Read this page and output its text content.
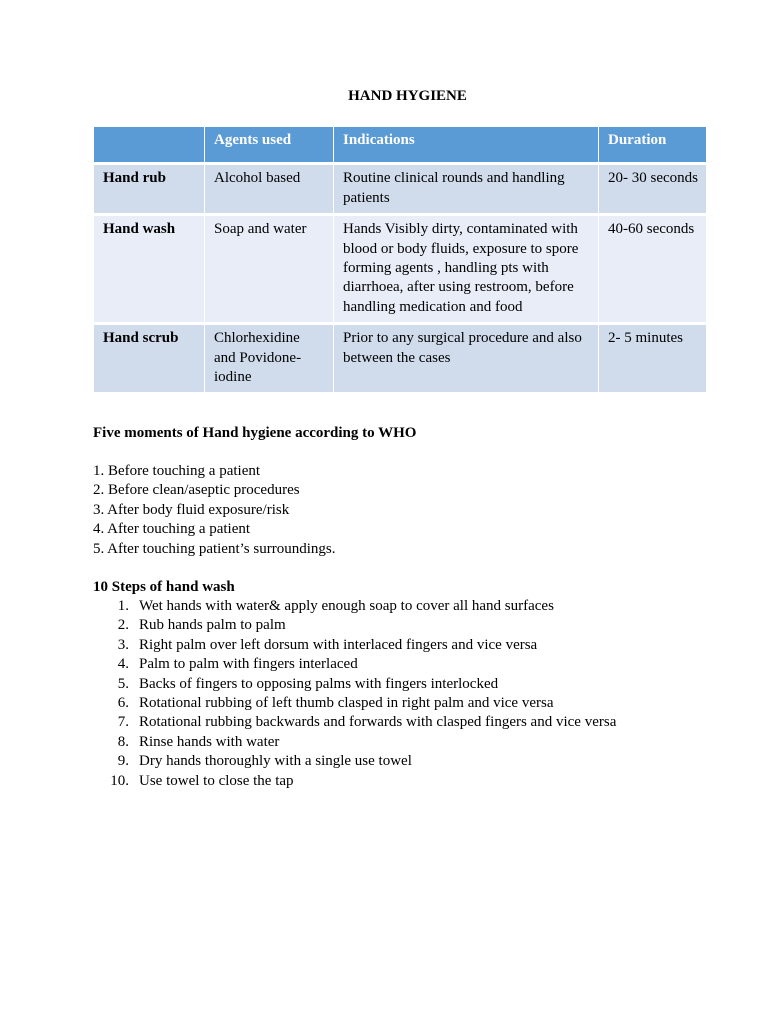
HAND HYGIENE
	Agents used	Indications	Duration
Hand rub	Alcohol based	Routine clinical rounds and handling patients	20- 30 seconds
Hand wash	Soap and water	Hands Visibly dirty, contaminated with blood or body fluids, exposure to spore forming agents , handling pts with diarrhoea, after using restroom, before handling medication and food	40-60 seconds
Hand scrub	Chlorhexidine and Povidone-iodine	Prior to any surgical procedure and also between the cases	2- 5 minutes
Five moments of Hand hygiene according to WHO
1. Before touching a patient
2. Before clean/aseptic procedures
3. After body fluid exposure/risk
4. After touching a patient
5. After touching patient’s surroundings.
10 Steps of hand wash
1. Wet hands with water& apply enough soap to cover all hand surfaces
2. Rub hands palm to palm
3. Right palm over left dorsum with interlaced fingers and vice versa
4. Palm to palm with fingers interlaced
5. Backs of fingers to opposing palms with fingers interlocked
6. Rotational rubbing of left thumb clasped in right palm and vice versa
7. Rotational rubbing backwards and forwards with clasped fingers and vice versa
8. Rinse hands with water
9. Dry hands thoroughly with a single use towel
10. Use towel to close the tap
